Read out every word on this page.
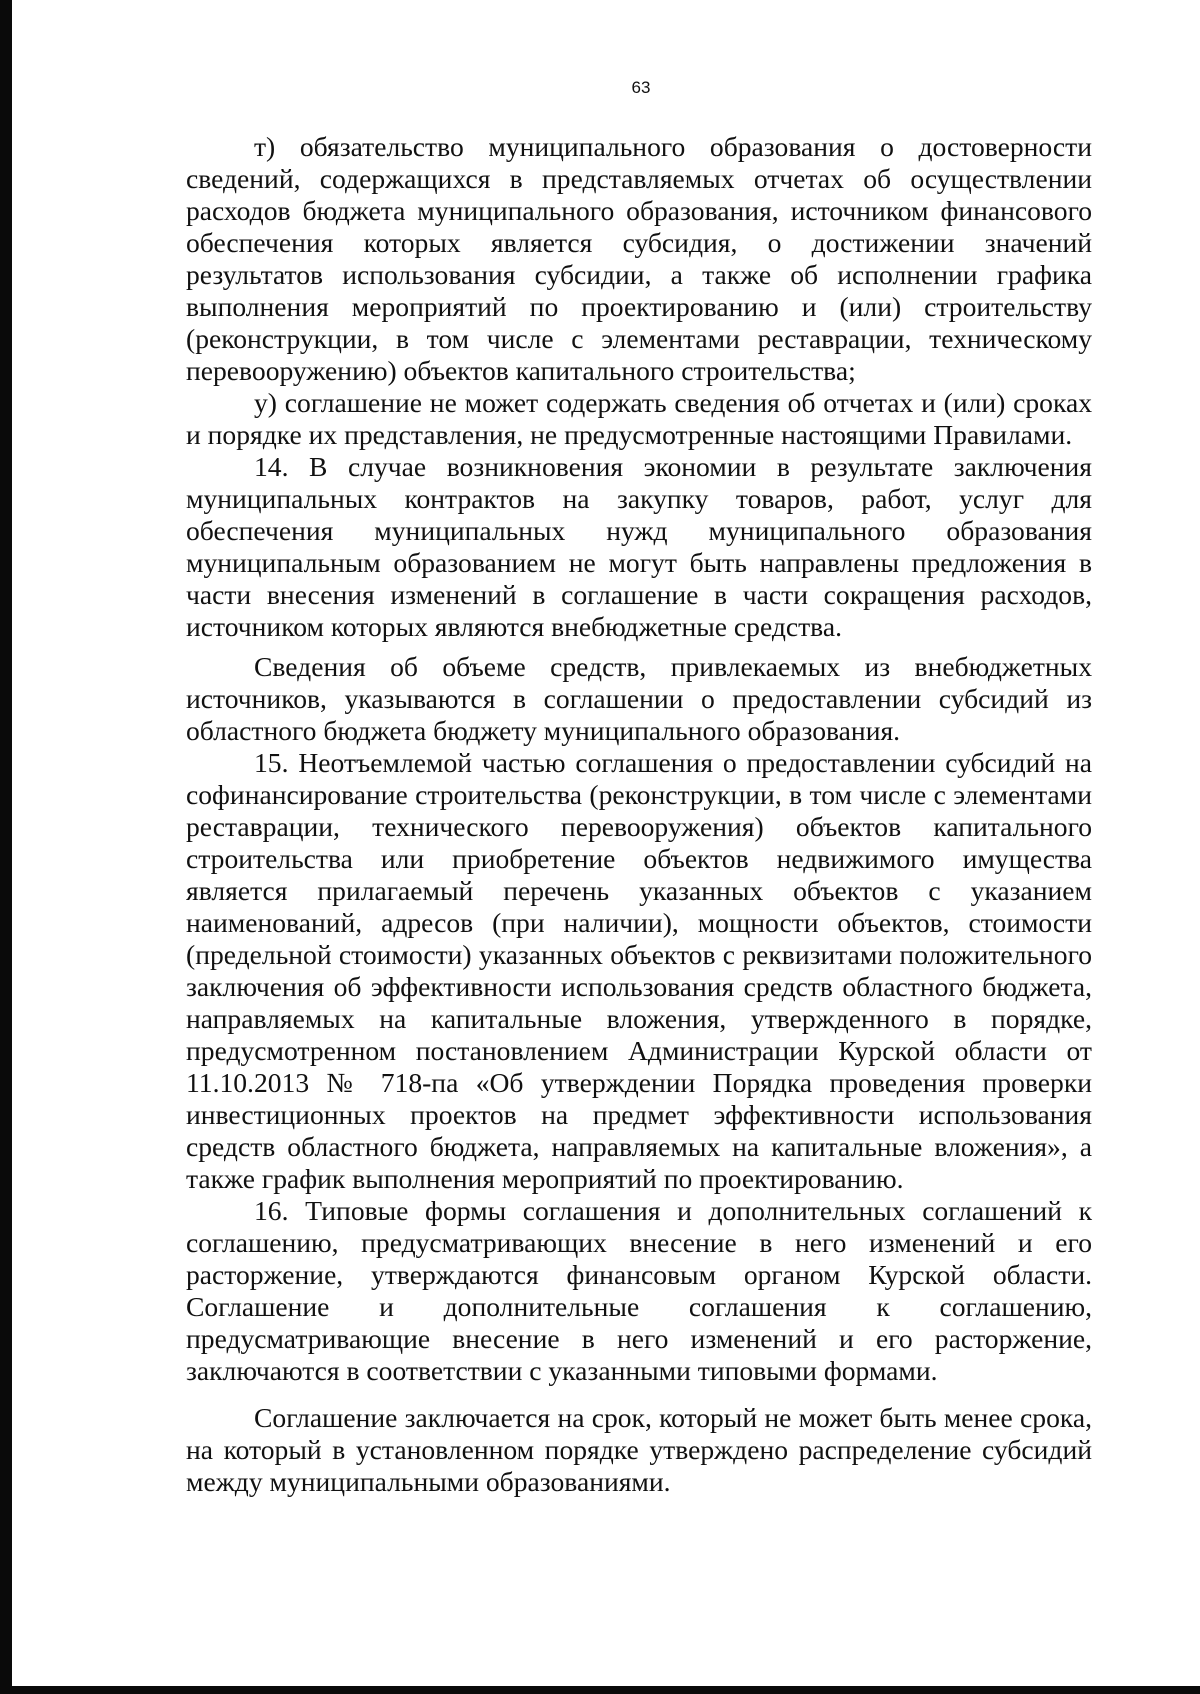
63

т) обязательство муниципального образования о достоверности сведений, содержащихся в представляемых отчетах об осуществлении расходов бюджета муниципального образования, источником финансового обеспечения которых является субсидия, о достижении значений результатов использования субсидии, а также об исполнении графика выполнения мероприятий по проектированию и (или) строительству (реконструкции, в том числе с элементами реставрации, техническому перевооружению) объектов капитального строительства;

у) соглашение не может содержать сведения об отчетах и (или) сроках и порядке их представления, не предусмотренные настоящими Правилами.

14. В случае возникновения экономии в результате заключения муниципальных контрактов на закупку товаров, работ, услуг для обеспечения муниципальных нужд муниципального образования муниципальным образованием не могут быть направлены предложения в части внесения изменений в соглашение в части сокращения расходов, источником которых являются внебюджетные средства.

Сведения об объеме средств, привлекаемых из внебюджетных источников, указываются в соглашении о предоставлении субсидий из областного бюджета бюджету муниципального образования.

15. Неотъемлемой частью соглашения о предоставлении субсидий на софинансирование строительства (реконструкции, в том числе с элементами реставрации, технического перевооружения) объектов капитального строительства или приобретение объектов недвижимого имущества является прилагаемый перечень указанных объектов с указанием наименований, адресов (при наличии), мощности объектов, стоимости (предельной стоимости) указанных объектов с реквизитами положительного заключения об эффективности использования средств областного бюджета, направляемых на капитальные вложения, утвержденного в порядке, предусмотренном постановлением Администрации Курской области от 11.10.2013 № 718-па «Об утверждении Порядка проведения проверки инвестиционных проектов на предмет эффективности использования средств областного бюджета, направляемых на капитальные вложения», а также график выполнения мероприятий по проектированию.

16. Типовые формы соглашения и дополнительных соглашений к соглашению, предусматривающих внесение в него изменений и его расторжение, утверждаются финансовым органом Курской области. Соглашение и дополнительные соглашения к соглашению, предусматривающие внесение в него изменений и его расторжение, заключаются в соответствии с указанными типовыми формами.

Соглашение заключается на срок, который не может быть менее срока, на который в установленном порядке утверждено распределение субсидий между муниципальными образованиями.
